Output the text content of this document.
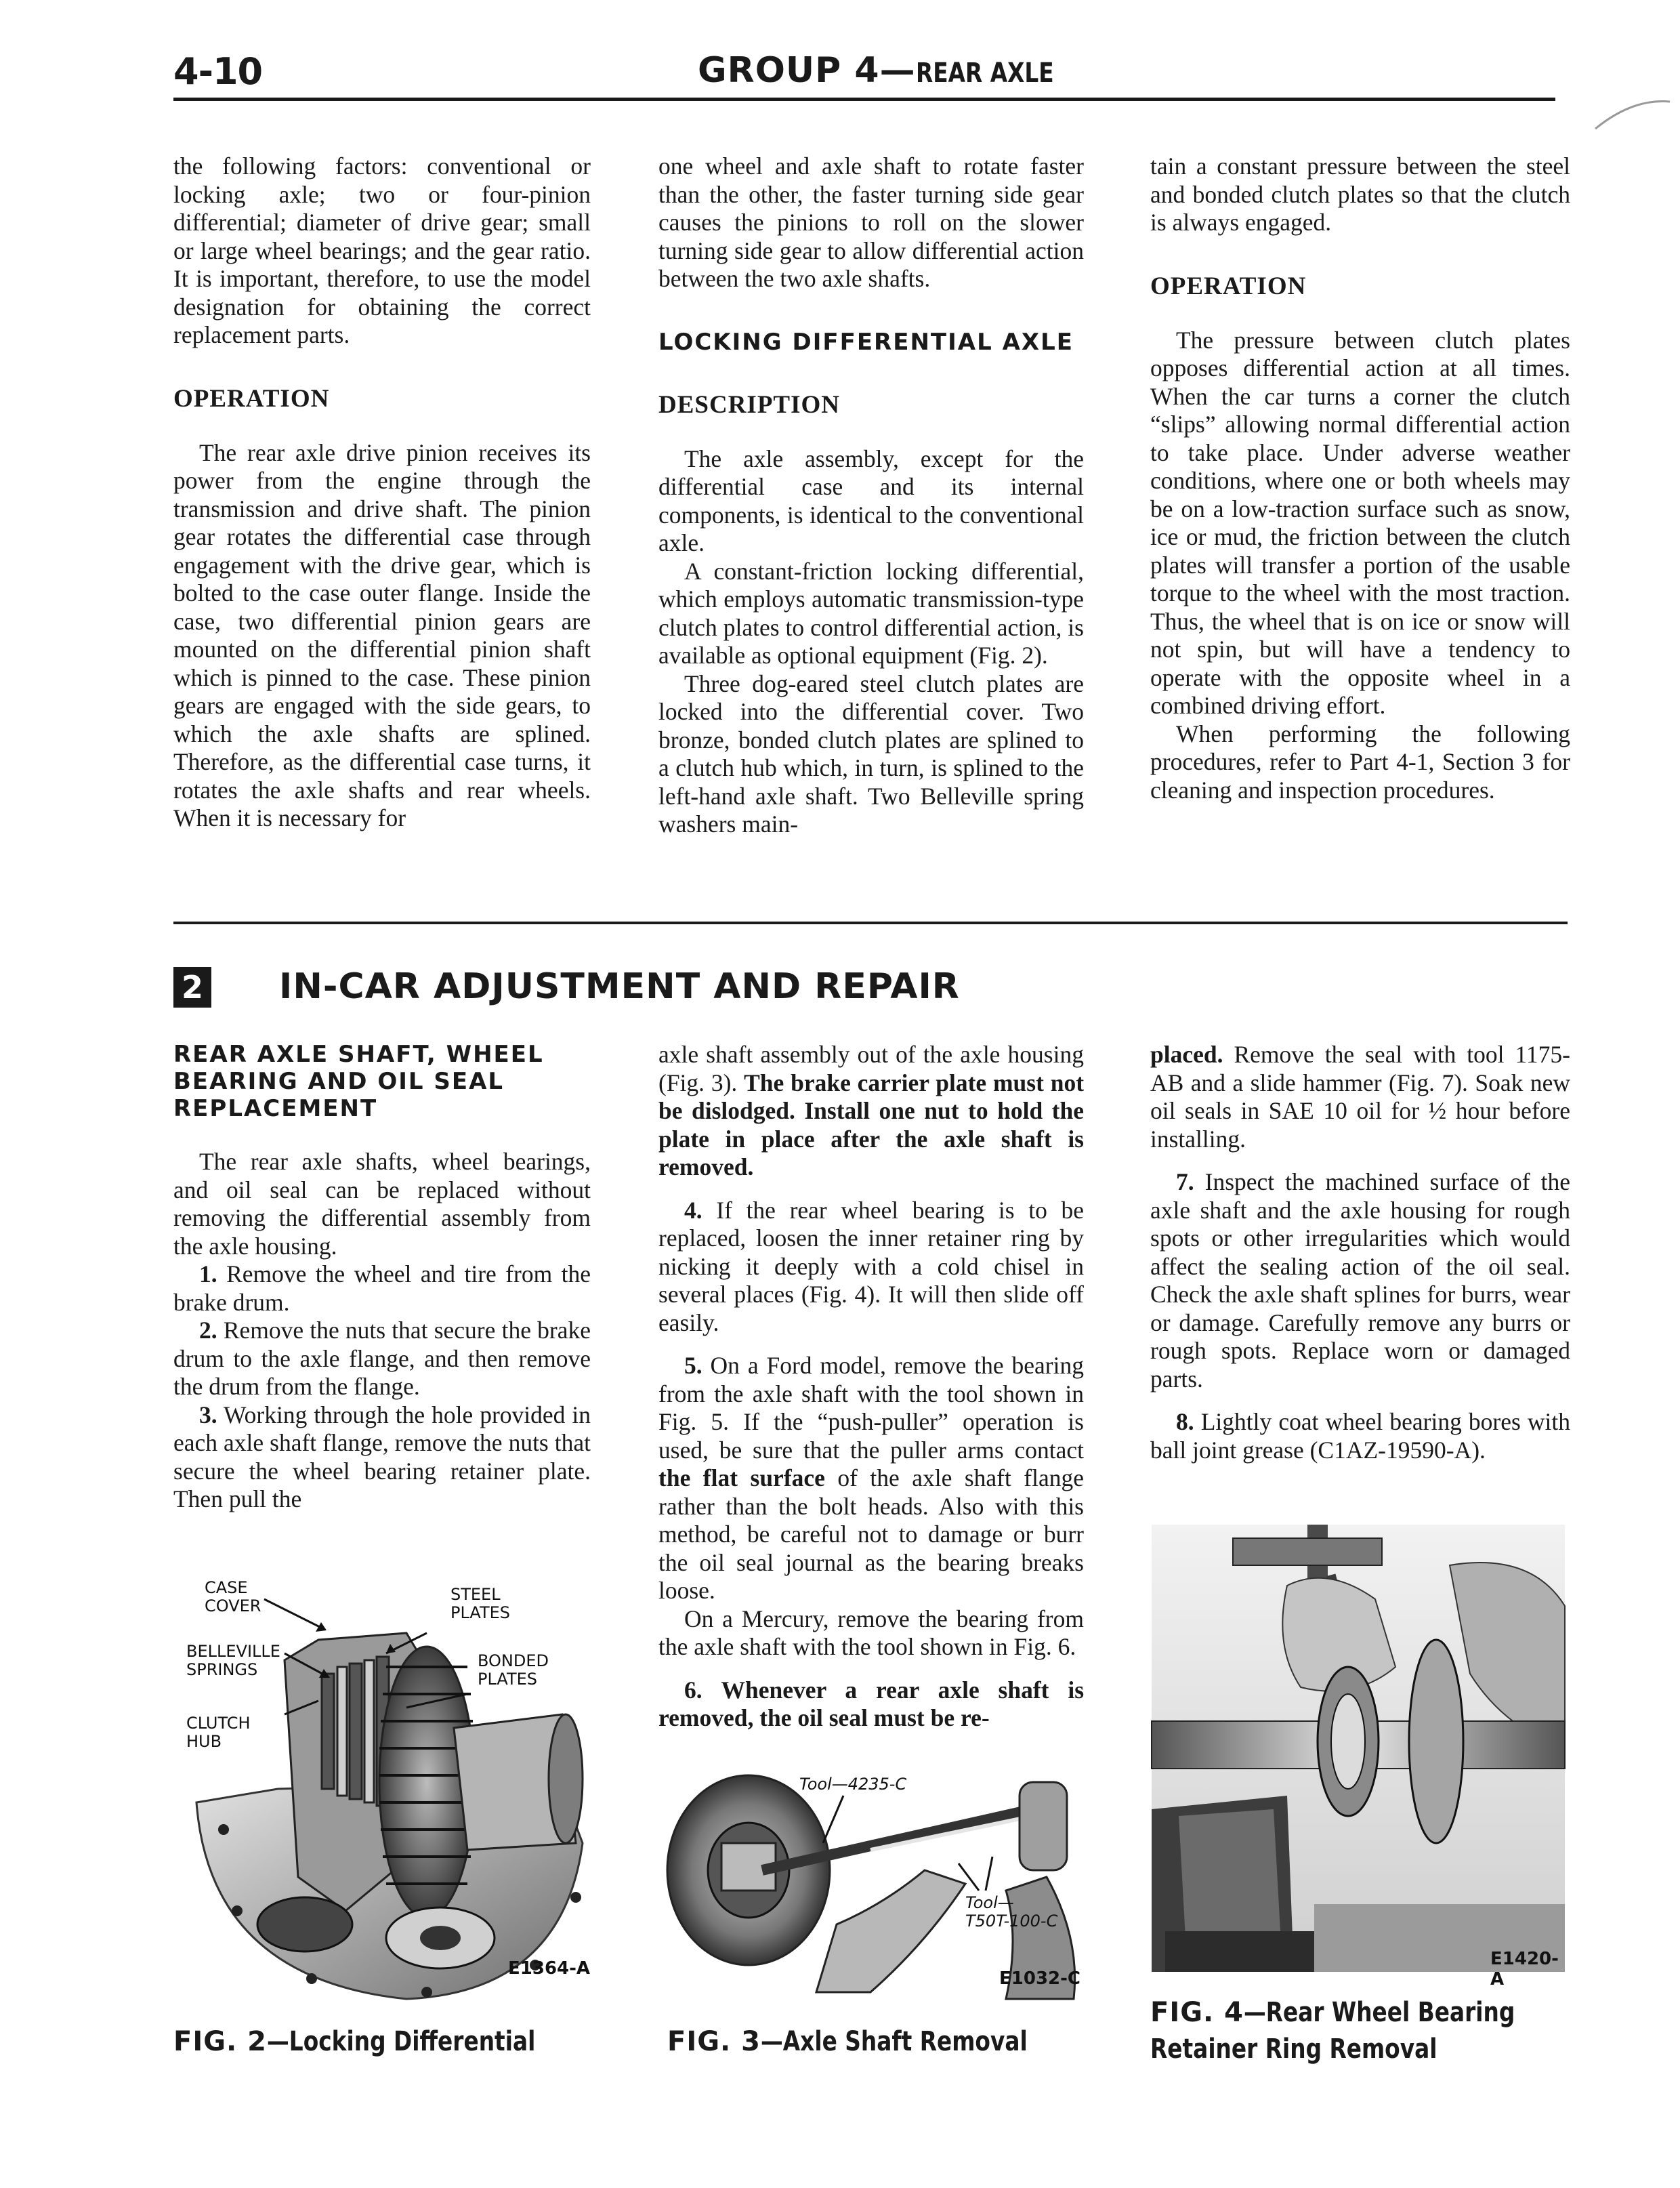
4-10	GROUP 4—REAR AXLE

the following factors: conventional or locking axle; two or four-pinion differential; diameter of drive gear; small or large wheel bearings; and the gear ratio. It is important, therefore, to use the model designation for obtaining the correct replacement parts.

OPERATION

The rear axle drive pinion receives its power from the engine through the transmission and drive shaft. The pinion gear rotates the differential case through engagement with the drive gear, which is bolted to the case outer flange. Inside the case, two differential pinion gears are mounted on the differential pinion shaft which is pinned to the case. These pinion gears are engaged with the side gears, to which the axle shafts are splined. Therefore, as the differential case turns, it rotates the axle shafts and rear wheels. When it is necessary for

one wheel and axle shaft to rotate faster than the other, the faster turning side gear causes the pinions to roll on the slower turning side gear to allow differential action between the two axle shafts.

LOCKING DIFFERENTIAL AXLE
DESCRIPTION

The axle assembly, except for the differential case and its internal components, is identical to the conventional axle.

A constant-friction locking differential, which employs automatic transmission-type clutch plates to control differential action, is available as optional equipment (Fig. 2).

Three dog-eared steel clutch plates are locked into the differential cover. Two bronze, bonded clutch plates are splined to a clutch hub which, in turn, is splined to the left-hand axle shaft. Two Belleville spring washers main-

tain a constant pressure between the steel and bonded clutch plates so that the clutch is always engaged.

OPERATION

The pressure between clutch plates opposes differential action at all times. When the car turns a corner the clutch “slips” allowing normal differential action to take place. Under adverse weather conditions, where one or both wheels may be on a low-traction surface such as snow, ice or mud, the friction between the clutch plates will transfer a portion of the usable torque to the wheel with the most traction. Thus, the wheel that is on ice or snow will not spin, but will have a tendency to operate with the opposite wheel in a combined driving effort.

When performing the following procedures, refer to Part 4-1, Section 3 for cleaning and inspection procedures.

2 IN-CAR ADJUSTMENT AND REPAIR
REAR AXLE SHAFT, WHEEL BEARING AND OIL SEAL REPLACEMENT

The rear axle shafts, wheel bearings, and oil seal can be replaced without removing the differential assembly from the axle housing.

1. Remove the wheel and tire from the brake drum.

2. Remove the nuts that secure the brake drum to the axle flange, and then remove the drum from the flange.

3. Working through the hole provided in each axle shaft flange, remove the nuts that secure the wheel bearing retainer plate. Then pull the

axle shaft assembly out of the axle housing (Fig. 3). The brake carrier plate must not be dislodged. Install one nut to hold the plate in place after the axle shaft is removed.

4. If the rear wheel bearing is to be replaced, loosen the inner retainer ring by nicking it deeply with a cold chisel in several places (Fig. 4). It will then slide off easily.

5. On a Ford model, remove the bearing from the axle shaft with the tool shown in Fig. 5. If the “push-puller” operation is used, be sure that the puller arms contact the flat surface of the axle shaft flange rather than the bolt heads. Also with this method, be careful not to damage or burr the oil seal journal as the bearing breaks loose.

On a Mercury, remove the bearing from the axle shaft with the tool shown in Fig. 6.

6. Whenever a rear axle shaft is removed, the oil seal must be re-

placed. Remove the seal with tool 1175-AB and a slide hammer (Fig. 7). Soak new oil seals in SAE 10 oil for ½ hour before installing.

7. Inspect the machined surface of the axle shaft and the axle housing for rough spots or other irregularities which would affect the sealing action of the oil seal. Check the axle shaft splines for burrs, wear or damage. Carefully remove any burrs or rough spots. Replace worn or damaged parts.

8. Lightly coat wheel bearing bores with ball joint grease (C1AZ-19590-A).

CASE
COVER
STEEL
PLATES
BELLEVILLE
SPRINGS	BONDED
PLATES
CLUTCH
HUB
E1364-A
FIG. 2—Locking Differential
Tool—4235-C
Tool—
T50T-100-C
E1032-C
FIG. 3—Axle Shaft Removal
E1420-A
FIG. 4—Rear Wheel Bearing
Retainer Ring Removal
